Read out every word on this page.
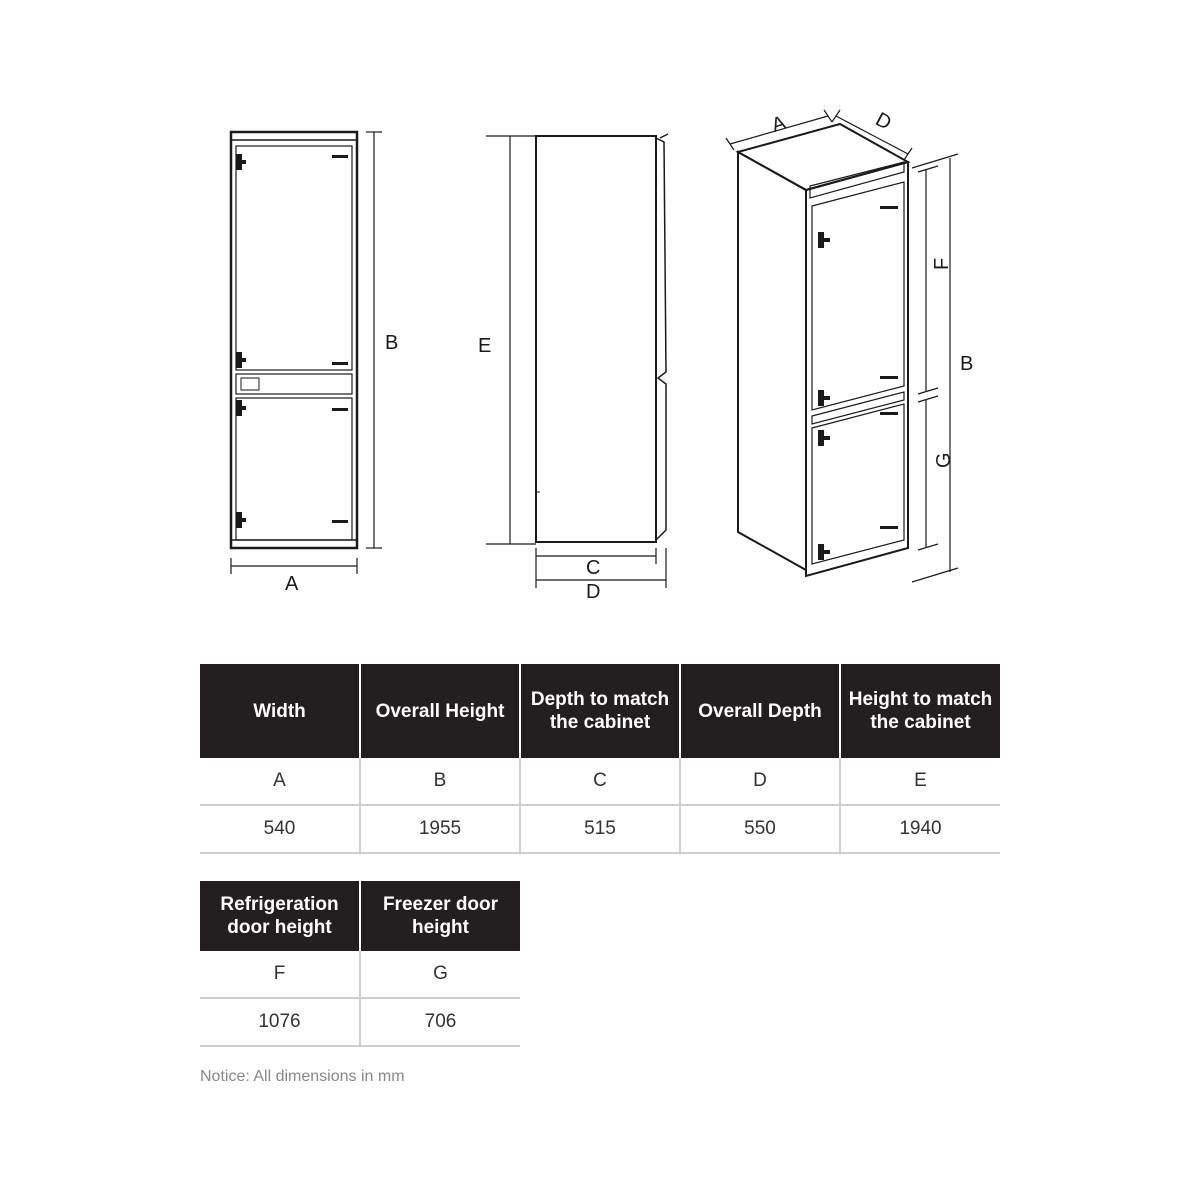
A
B	E
C
D
A	D
F
G
B
Width	Overall Height	Depth to match the cabinet	Overall Depth	Height to match the cabinet
A	B	C	D	E
540	1955	515	550	1940
Refrigeration door height	Freezer door height
F	G
1076	706
Notice: All dimensions in mm
